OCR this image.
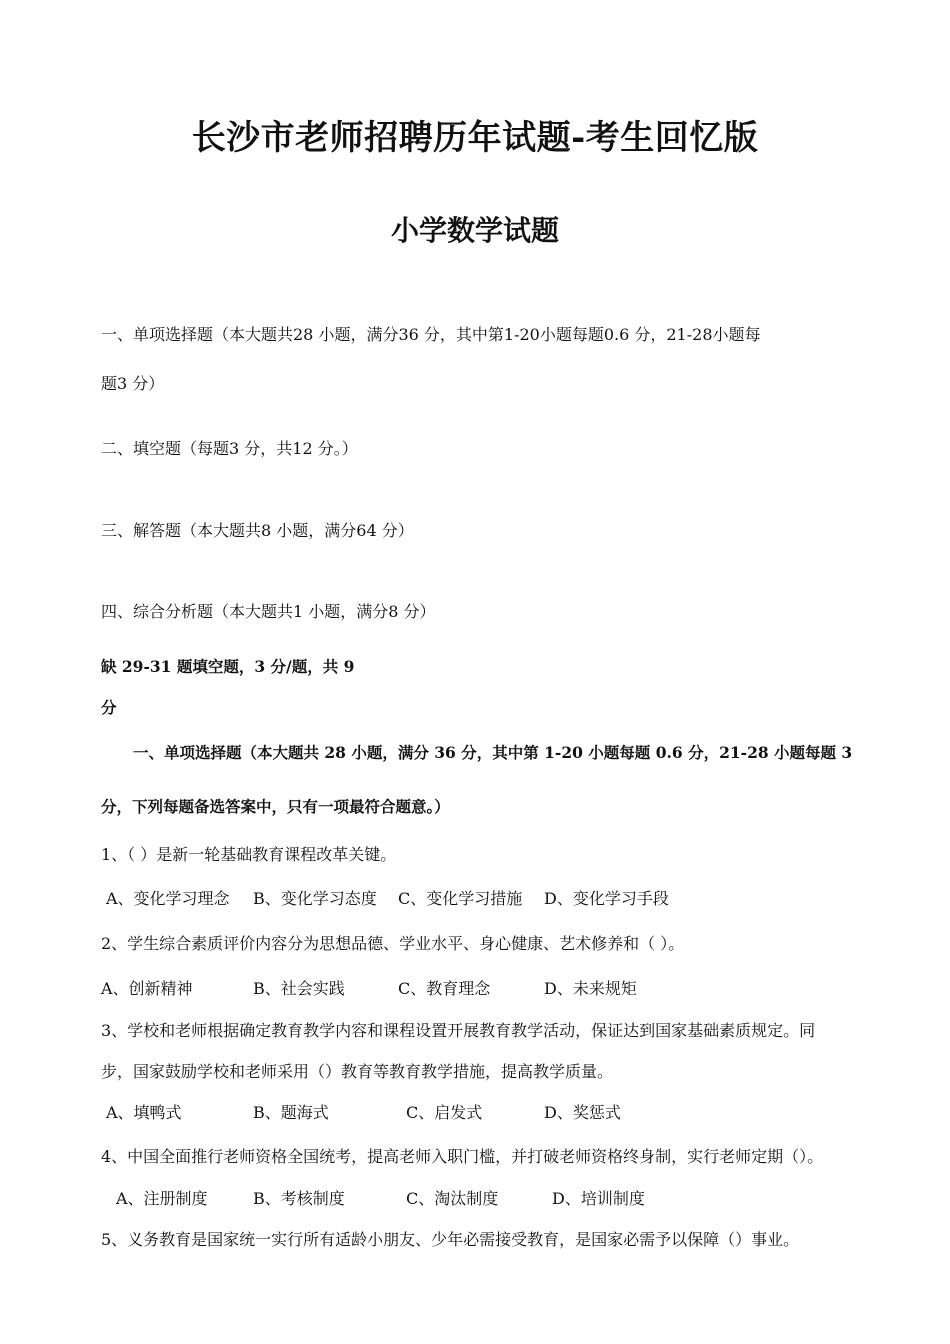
长沙市老师招聘历年试题-考生回忆版
小学数学试题
一、单项选择题（本大题共28 小题，满分36 分，其中第1-20小题每题0.6 分，21-28小题每
题3 分）
二、填空题（每题3 分，共12 分。）
三、解答题（本大题共8 小题，满分64 分）
四、综合分析题（本大题共1 小题，满分8 分）
缺 29-31 题填空题，3 分/题，共 9
分
一、单项选择题（本大题共 28 小题，满分 36 分，其中第 1-20 小题每题 0.6 分，21-28 小题每题 3
分，下列每题备选答案中，只有一项最符合题意。）
1、（ ）是新一轮基础教育课程改革关键。
A、变化学习理念 B、变化学习态度 C、变化学习措施 D、变化学习手段
2、学生综合素质评价内容分为思想品德、学业水平、身心健康、艺术修养和（ ）。
A、创新精神	B、社会实践	C、教育理念	D、未来规矩
3、学校和老师根据确定教育教学内容和课程设置开展教育教学活动，保证达到国家基础素质规定。同
步，国家鼓励学校和老师采用（）教育等教育教学措施，提高教学质量。
A、填鸭式	B、题海式	C、启发式	D、奖惩式
4、中国全面推行老师资格全国统考，提高老师入职门槛，并打破老师资格终身制，实行老师定期（）。
A、注册制度	B、考核制度	C、淘汰制度	D、培训制度
5、义务教育是国家统一实行所有适龄小朋友、少年必需接受教育，是国家必需予以保障（）事业。
